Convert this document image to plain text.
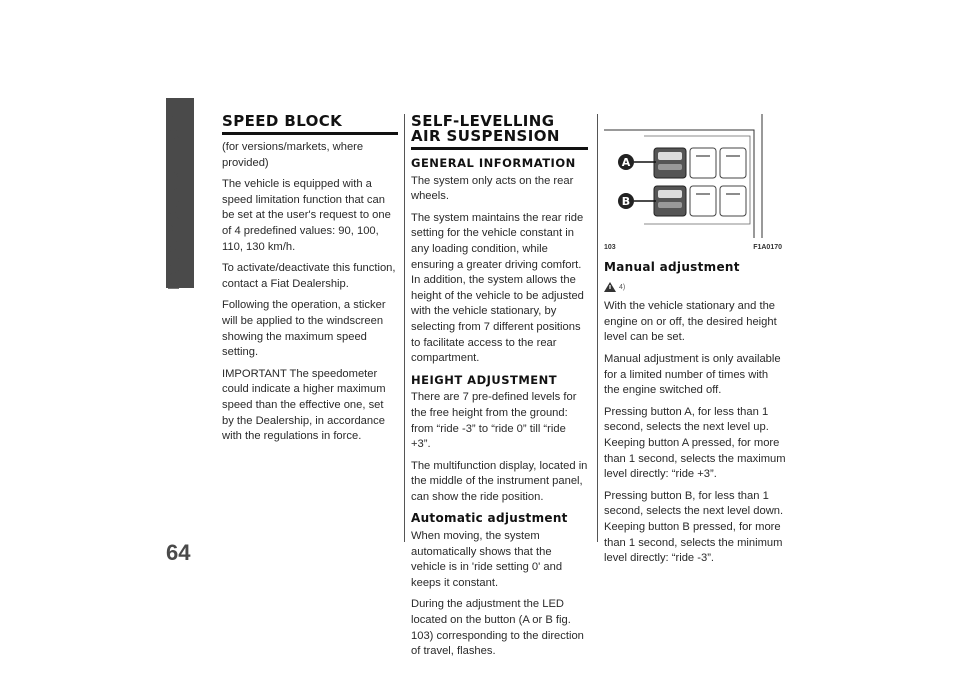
KNOW YOUR VEHICLE
64
SPEED BLOCK

(for versions/markets, where provided)

The vehicle is equipped with a speed limitation function that can be set at the user's request to one of 4 predefined values: 90, 100, 110, 130 km/h.

To activate/deactivate this function, contact a Fiat Dealership.

Following the operation, a sticker will be applied to the windscreen showing the maximum speed setting.

IMPORTANT The speedometer could indicate a higher maximum speed than the effective one, set by the Dealership, in accordance with the regulations in force.

SELF-LEVELLING AIR SUSPENSION
GENERAL INFORMATION

The system only acts on the rear wheels.

The system maintains the rear ride setting for the vehicle constant in any loading condition, while ensuring a greater driving comfort. In addition, the system allows the height of the vehicle to be adjusted with the vehicle stationary, by selecting from 7 different positions to facilitate access to the rear compartment.

HEIGHT ADJUSTMENT

There are 7 pre-defined levels for the free height from the ground: from “ride -3” to “ride 0” till “ride +3”.

The multifunction display, located in the middle of the instrument panel, can show the ride position.

Automatic adjustment

When moving, the system automatically shows that the vehicle is in 'ride setting 0' and keeps it constant.

During the adjustment the LED located on the button (A or B fig. 103) corresponding to the direction of travel, flashes.

A
B
103	F1A0170
Manual adjustment
4)

With the vehicle stationary and the engine on or off, the desired height level can be set.

Manual adjustment is only available for a limited number of times with the engine switched off.

Pressing button A, for less than 1 second, selects the next level up. Keeping button A pressed, for more than 1 second, selects the maximum level directly: “ride +3”.

Pressing button B, for less than 1 second, selects the next level down. Keeping button B pressed, for more than 1 second, selects the minimum level directly: “ride -3”.
